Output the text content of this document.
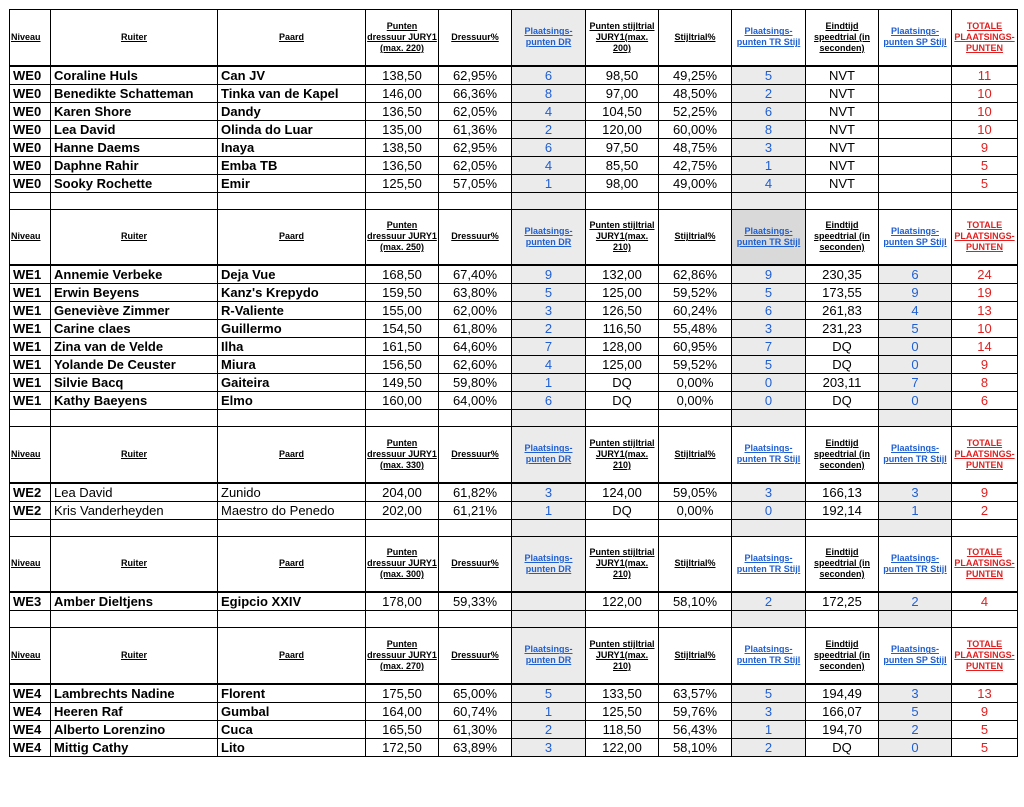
Niveau	Ruiter	Paard	Punten dressuur JURY1 (max. 220)	Dressuur%	Plaatsings-punten DR	Punten stijltrial JURY1(max. 200)	Stijltrial%	Plaatsings-punten TR Stijl	Eindtijd speedtrial (in seconden)	Plaatsings-punten SP Stijl	TOTALE PLAATSINGS-PUNTEN
WE0	Coraline Huls	Can JV	138,50	62,95%	6	98,50	49,25%	5	NVT		11
WE0	Benedikte Schatteman	Tinka van de Kapel	146,00	66,36%	8	97,00	48,50%	2	NVT		10
WE0	Karen Shore	Dandy	136,50	62,05%	4	104,50	52,25%	6	NVT		10
WE0	Lea David	Olinda do Luar	135,00	61,36%	2	120,00	60,00%	8	NVT		10
WE0	Hanne Daems	Inaya	138,50	62,95%	6	97,50	48,75%	3	NVT		9
WE0	Daphne Rahir	Emba TB	136,50	62,05%	4	85,50	42,75%	1	NVT		5
WE0	Sooky Rochette	Emir	125,50	57,05%	1	98,00	49,00%	4	NVT		5

Niveau	Ruiter	Paard	Punten dressuur JURY1 (max. 250)	Dressuur%	Plaatsings-punten DR	Punten stijltrial JURY1(max. 210)	Stijltrial%	Plaatsings-punten TR Stijl	Eindtijd speedtrial (in seconden)	Plaatsings-punten SP Stijl	TOTALE PLAATSINGS-PUNTEN
WE1	Annemie Verbeke	Deja Vue	168,50	67,40%	9	132,00	62,86%	9	230,35	6	24
WE1	Erwin Beyens	Kanz's Krepydo	159,50	63,80%	5	125,00	59,52%	5	173,55	9	19
WE1	Geneviève Zimmer	R-Valiente	155,00	62,00%	3	126,50	60,24%	6	261,83	4	13
WE1	Carine claes	Guillermo	154,50	61,80%	2	116,50	55,48%	3	231,23	5	10
WE1	Zina van de Velde	Ilha	161,50	64,60%	7	128,00	60,95%	7	DQ	0	14
WE1	Yolande De Ceuster	Miura	156,50	62,60%	4	125,00	59,52%	5	DQ	0	9
WE1	Silvie Bacq	Gaiteira	149,50	59,80%	1	DQ	0,00%	0	203,11	7	8
WE1	Kathy Baeyens	Elmo	160,00	64,00%	6	DQ	0,00%	0	DQ	0	6

Niveau	Ruiter	Paard	Punten dressuur JURY1 (max. 330)	Dressuur%	Plaatsings-punten DR	Punten stijltrial JURY1(max. 210)	Stijltrial%	Plaatsings-punten TR Stijl	Eindtijd speedtrial (in seconden)	Plaatsings-punten TR Stijl	TOTALE PLAATSINGS-PUNTEN
WE2	Lea David	Zunido	204,00	61,82%	3	124,00	59,05%	3	166,13	3	9
WE2	Kris Vanderheyden	Maestro do Penedo	202,00	61,21%	1	DQ	0,00%	0	192,14	1	2

Niveau	Ruiter	Paard	Punten dressuur JURY1 (max. 300)	Dressuur%	Plaatsings-punten DR	Punten stijltrial JURY1(max. 210)	Stijltrial%	Plaatsings-punten TR Stijl	Eindtijd speedtrial (in seconden)	Plaatsings-punten TR Stijl	TOTALE PLAATSINGS-PUNTEN
WE3	Amber Dieltjens	Egipcio XXIV	178,00	59,33%		122,00	58,10%	2	172,25	2	4

Niveau	Ruiter	Paard	Punten dressuur JURY1 (max. 270)	Dressuur%	Plaatsings-punten DR	Punten stijltrial JURY1(max. 210)	Stijltrial%	Plaatsings-punten TR Stijl	Eindtijd speedtrial (in seconden)	Plaatsings-punten SP Stijl	TOTALE PLAATSINGS-PUNTEN
WE4	Lambrechts Nadine	Florent	175,50	65,00%	5	133,50	63,57%	5	194,49	3	13
WE4	Heeren Raf	Gumbal	164,00	60,74%	1	125,50	59,76%	3	166,07	5	9
WE4	Alberto Lorenzino	Cuca	165,50	61,30%	2	118,50	56,43%	1	194,70	2	5
WE4	Mittig Cathy	Lito	172,50	63,89%	3	122,00	58,10%	2	DQ	0	5
